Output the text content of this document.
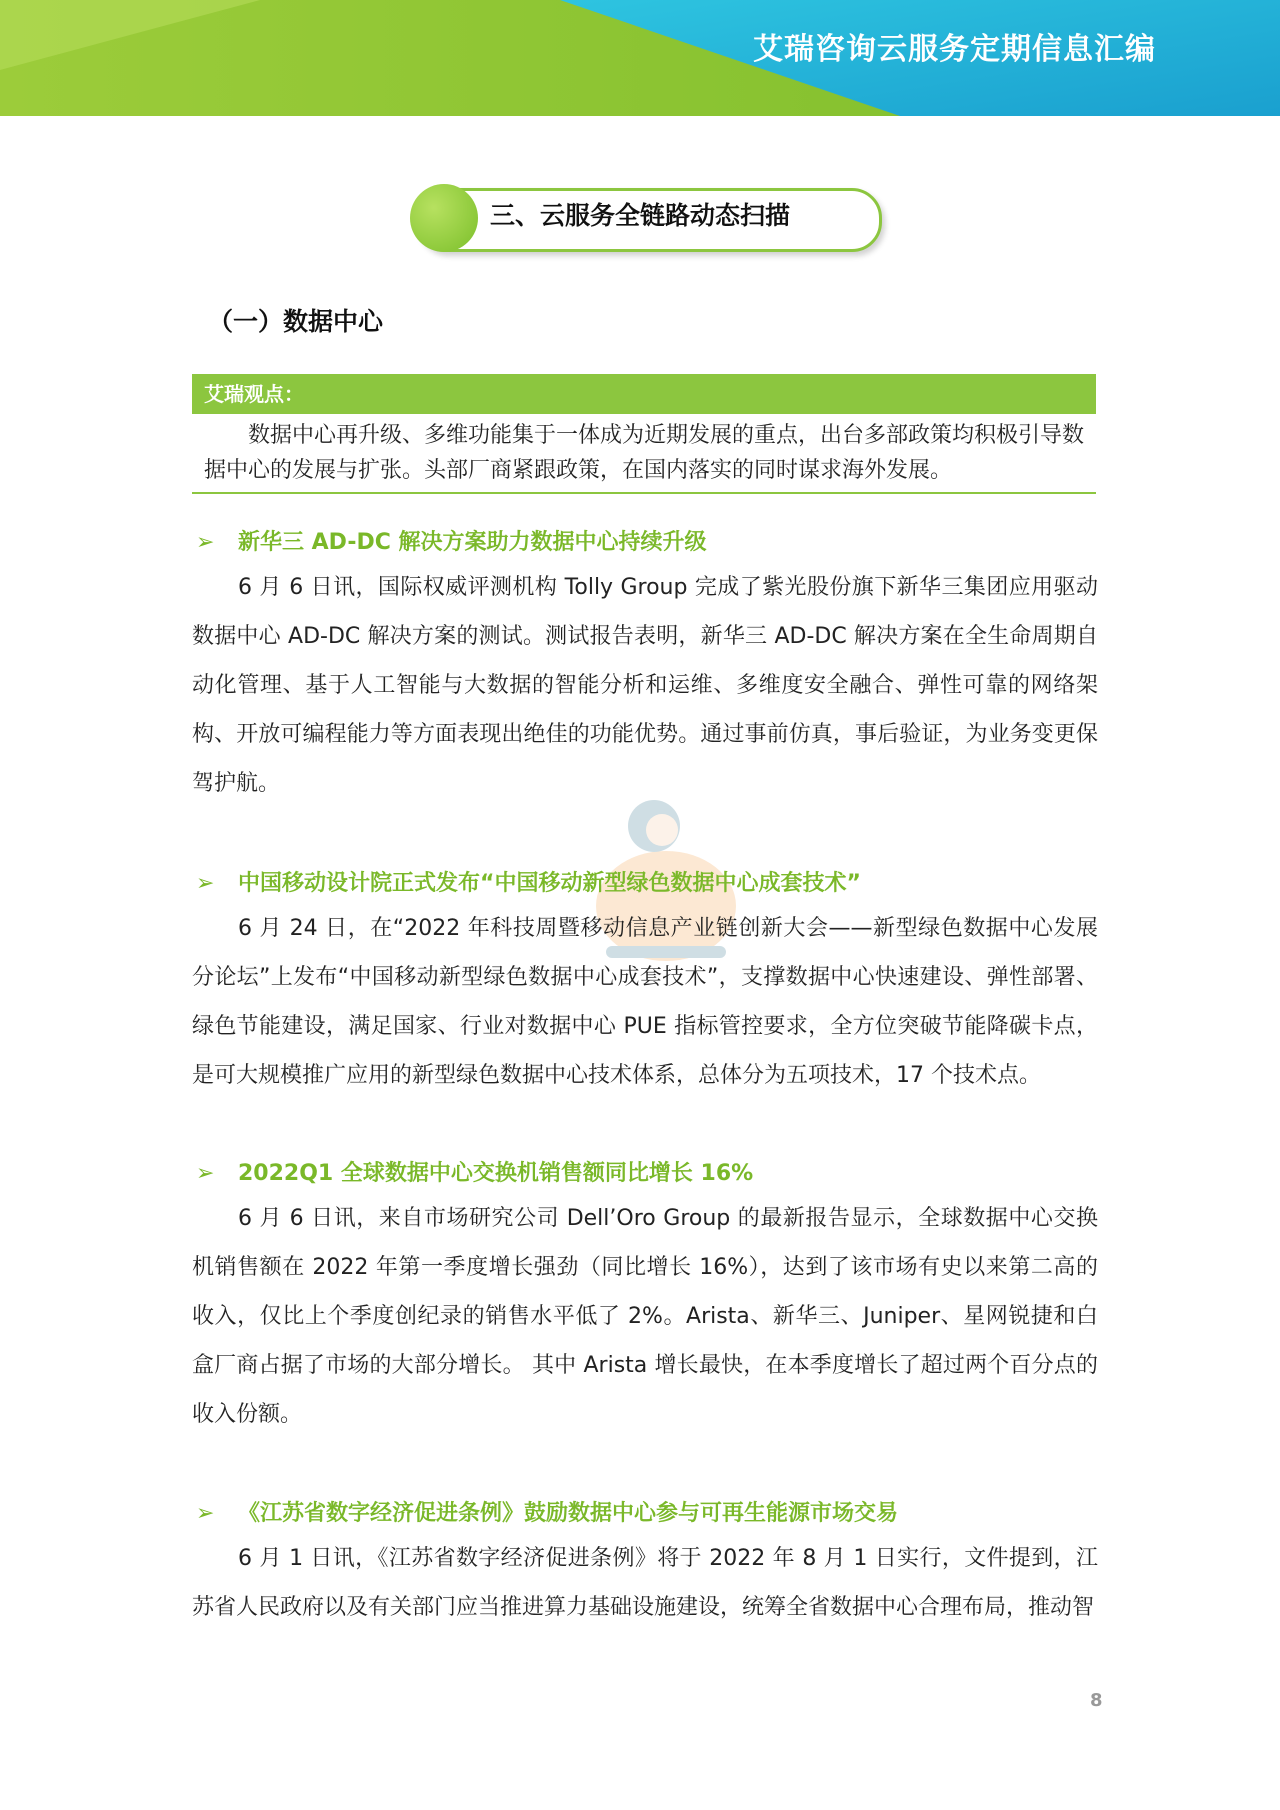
艾瑞咨询云服务定期信息汇编
三、云服务全链路动态扫描
（一）数据中心
艾瑞观点：
数据中心再升级、多维功能集于一体成为近期发展的重点，出台多部政策均积极引导数据中心的发展与扩张。头部厂商紧跟政策，在国内落实的同时谋求海外发展。
➢ 新华三 AD-DC 解决方案助力数据中心持续升级
6 月 6 日讯，国际权威评测机构 Tolly Group 完成了紫光股份旗下新华三集团应用驱动数据中心 AD-DC 解决方案的测试。测试报告表明，新华三 AD-DC 解决方案在全生命周期自动化管理、基于人工智能与大数据的智能分析和运维、多维度安全融合、弹性可靠的网络架构、开放可编程能力等方面表现出绝佳的功能优势。通过事前仿真，事后验证，为业务变更保驾护航。
➢ 中国移动设计院正式发布“中国移动新型绿色数据中心成套技术”
6 月 24 日，在“2022 年科技周暨移动信息产业链创新大会——新型绿色数据中心发展分论坛”上发布“中国移动新型绿色数据中心成套技术”，支撑数据中心快速建设、弹性部署、绿色节能建设，满足国家、行业对数据中心 PUE 指标管控要求，全方位突破节能降碳卡点，是可大规模推广应用的新型绿色数据中心技术体系，总体分为五项技术，17 个技术点。
➢ 2022Q1 全球数据中心交换机销售额同比增长 16%
6 月 6 日讯，来自市场研究公司 Dell’Oro Group 的最新报告显示，全球数据中心交换机销售额在 2022 年第一季度增长强劲（同比增长 16%），达到了该市场有史以来第二高的收入，仅比上个季度创纪录的销售水平低了 2%。Arista、新华三、Juniper、星网锐捷和白盒厂商占据了市场的大部分增长。 其中 Arista 增长最快，在本季度增长了超过两个百分点的收入份额。
➢ 《江苏省数字经济促进条例》鼓励数据中心参与可再生能源市场交易
6 月 1 日讯，《江苏省数字经济促进条例》将于 2022 年 8 月 1 日实行，文件提到，江苏省人民政府以及有关部门应当推进算力基础设施建设，统筹全省数据中心合理布局，推动智
8
